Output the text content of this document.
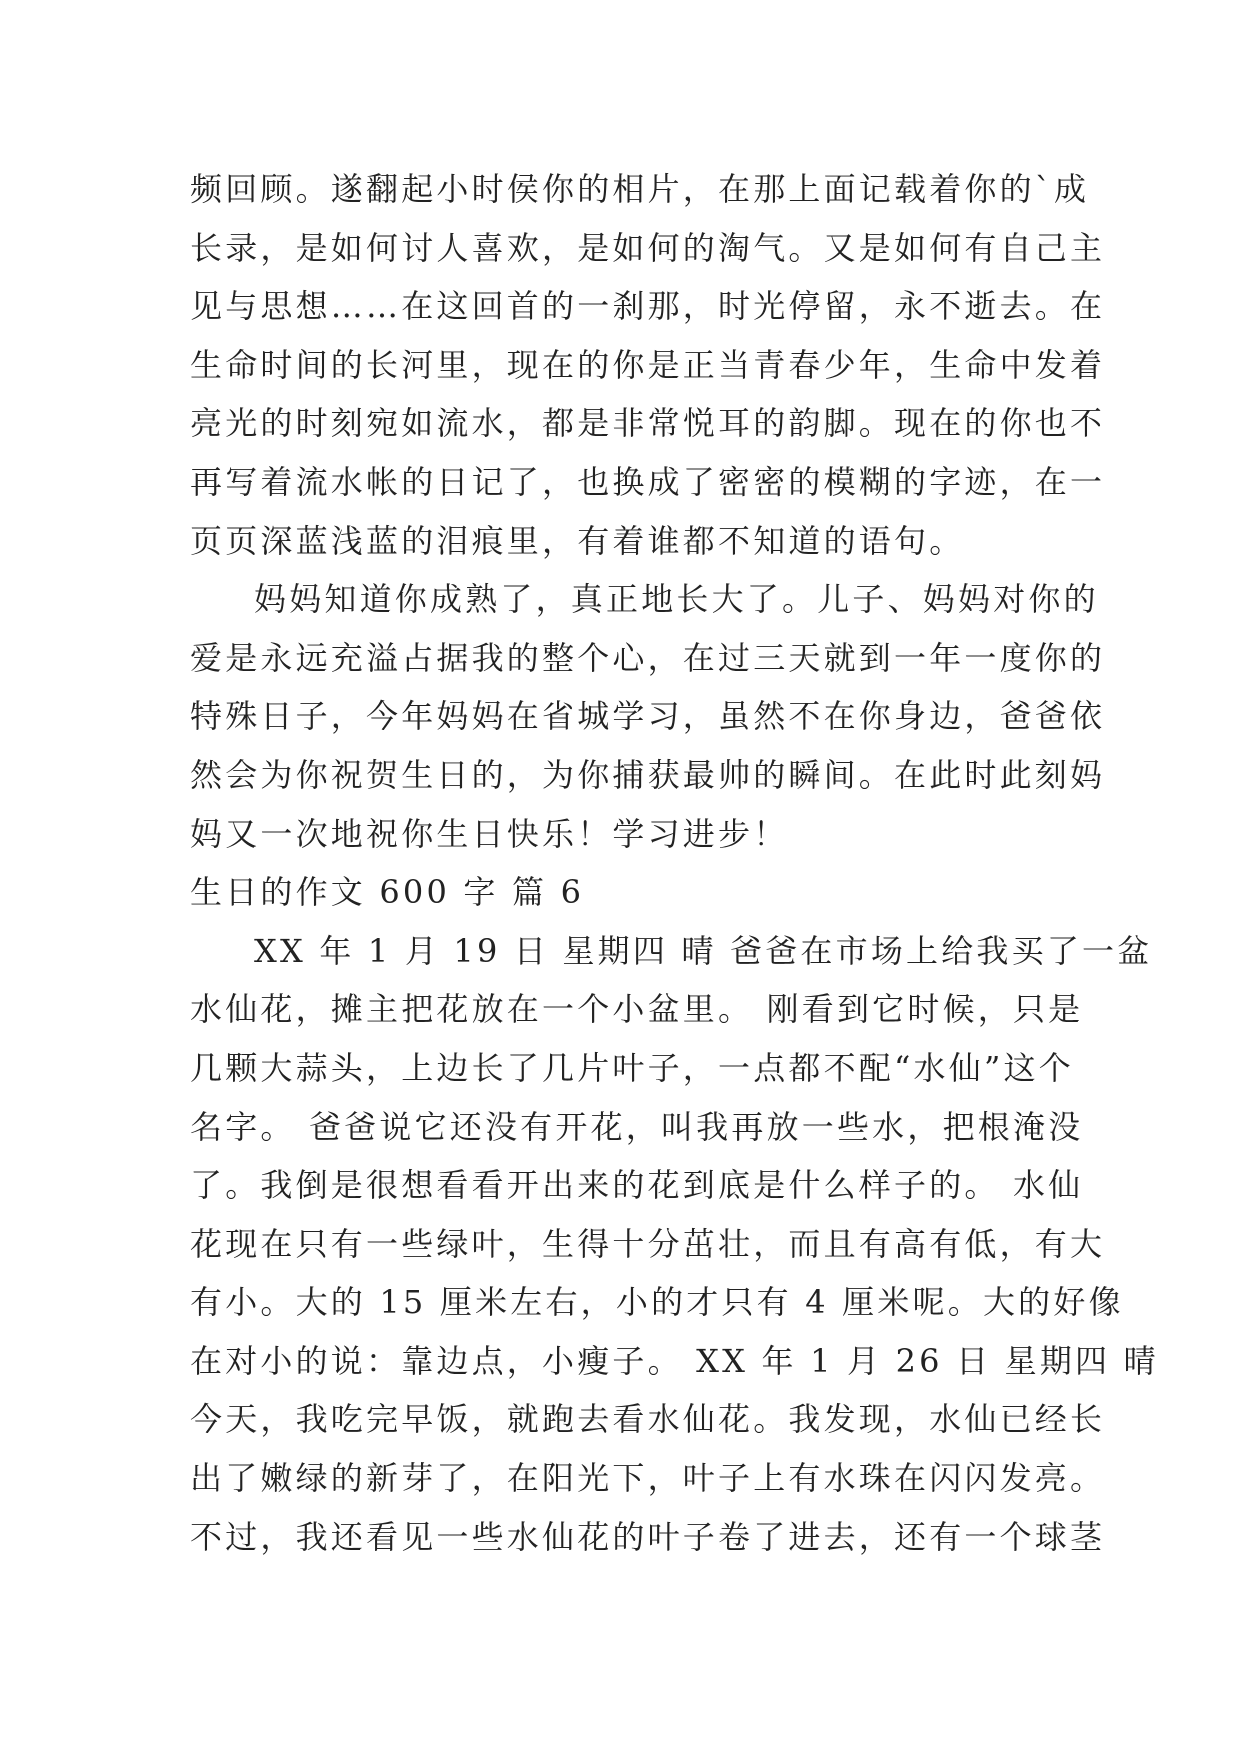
频回顾。遂翻起小时侯你的相片，在那上面记载着你的`成
长录，是如何讨人喜欢，是如何的淘气。又是如何有自己主
见与思想……在这回首的一刹那，时光停留，永不逝去。在
生命时间的长河里，现在的你是正当青春少年，生命中发着
亮光的时刻宛如流水，都是非常悦耳的韵脚。现在的你也不
再写着流水帐的日记了，也换成了密密的模糊的字迹，在一
页页深蓝浅蓝的泪痕里，有着谁都不知道的语句。
妈妈知道你成熟了，真正地长大了。儿子、妈妈对你的
爱是永远充溢占据我的整个心，在过三天就到一年一度你的
特殊日子，今年妈妈在省城学习，虽然不在你身边，爸爸依
然会为你祝贺生日的，为你捕获最帅的瞬间。在此时此刻妈
妈又一次地祝你生日快乐！学习进步！
生日的作文 600 字 篇 6
XX 年 1 月 19 日 星期四 晴 爸爸在市场上给我买了一盆
水仙花，摊主把花放在一个小盆里。 刚看到它时候，只是
几颗大蒜头，上边长了几片叶子，一点都不配“水仙”这个
名字。 爸爸说它还没有开花，叫我再放一些水，把根淹没
了。我倒是很想看看开出来的花到底是什么样子的。 水仙
花现在只有一些绿叶，生得十分茁壮，而且有高有低，有大
有小。大的 15 厘米左右，小的才只有 4 厘米呢。大的好像
在对小的说：靠边点，小瘦子。 XX 年 1 月 26 日 星期四 晴
今天，我吃完早饭，就跑去看水仙花。我发现，水仙已经长
出了嫩绿的新芽了，在阳光下，叶子上有水珠在闪闪发亮。
不过，我还看见一些水仙花的叶子卷了进去，还有一个球茎
